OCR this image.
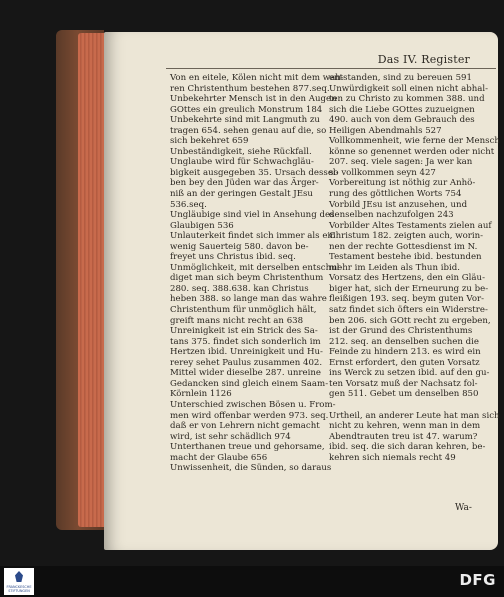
Das IV. Register
Von en eitele, Kölen nicht mit dem wah-
ren Christenthum bestehen 877.seq.
Unbekehrter Mensch ist in den Augen
GOttes ein greulich Monstrum 184
Unbekehrte sind mit Langmuth zu
tragen 654. sehen genau auf die, so
sich bekehret 659
Unbeständigkeit, siehe Rückfall.
Unglaube wird für Schwachgläu-
bigkeit ausgegeben 35. Ursach dessel-
ben bey den Jüden war das Ärger-
niß an der geringen Gestalt JEsu
536.seq.
Ungläubige sind viel in Ansehung des
Glaubigen 536
Unlauterkeit findet sich immer als ein
wenig Sauerteig 580. davon be-
freyet uns Christus ibid. seq.
Unmöglichkeit, mit derselben entschul-
diget man sich beym Christenthum
280. seq. 388.638. kan Christus
heben 388. so lange man das wahre
Christenthum für unmöglich hält,
greift mans nicht recht an 638
Unreinigkeit ist ein Strick des Sa-
tans 375. findet sich sonderlich im
Hertzen ibid. Unreinigkeit und Hu-
rerey sehet Paulus zusammen 402.
Mittel wider dieselbe 287. unreine
Gedancken sind gleich einem Saam-
Körnlein 1126
Unterschied zwischen Bösen u. From-
men wird offenbar werden 973. seq.
daß er von Lehrern nicht gemacht
wird, ist sehr schädlich 974
Unterthanen treue und gehorsame,
macht der Glaube 656
Unwissenheit, die Sünden, so daraus
entstanden, sind zu bereuen 591
Unwürdigkeit soll einen nicht abhal-
ten zu Christo zu kommen 388. und
sich die Liebe GOttes zuzueignen
490. auch von dem Gebrauch des
Heiligen Abendmahls 527
Vollkommenheit, wie ferne der Mensch
könne so genennet werden oder nicht
207. seq. viele sagen: Ja wer kan
so vollkommen seyn 427
Vorbereitung ist nöthig zur Anhö-
rung des göttlichen Worts 754
Vorbild JEsu ist anzusehen, und
denselben nachzufolgen 243
Vorbilder Altes Testaments zielen auf
Christum 182. zeigten auch, worin-
nen der rechte Gottesdienst im N.
Testament bestehe ibid. bestunden
mehr im Leiden als Thun ibid.
Vorsatz des Hertzens, den ein Gläu-
biger hat, sich der Erneurung zu be-
fleißigen 193. seq. beym guten Vor-
satz findet sich öfters ein Widerstre-
ben 206. sich GOtt recht zu ergeben,
ist der Grund des Christenthums
212. seq. an denselben suchen die
Feinde zu hindern 213. es wird ein
Ernst erfordert, den guten Vorsatz
ins Werck zu setzen ibid. auf den gu-
ten Vorsatz muß der Nachsatz fol-
gen 511. Gebet um denselben 850
Urtheil, an anderer Leute hat man sich
nicht zu kehren, wenn man in dem
Abendtrauten treu ist 47. warum?
ibid. seq. die sich daran kehren, be-
kehren sich niemals recht 49
Wa-
FRANCKESCHE STIFTUNGEN
DFG
